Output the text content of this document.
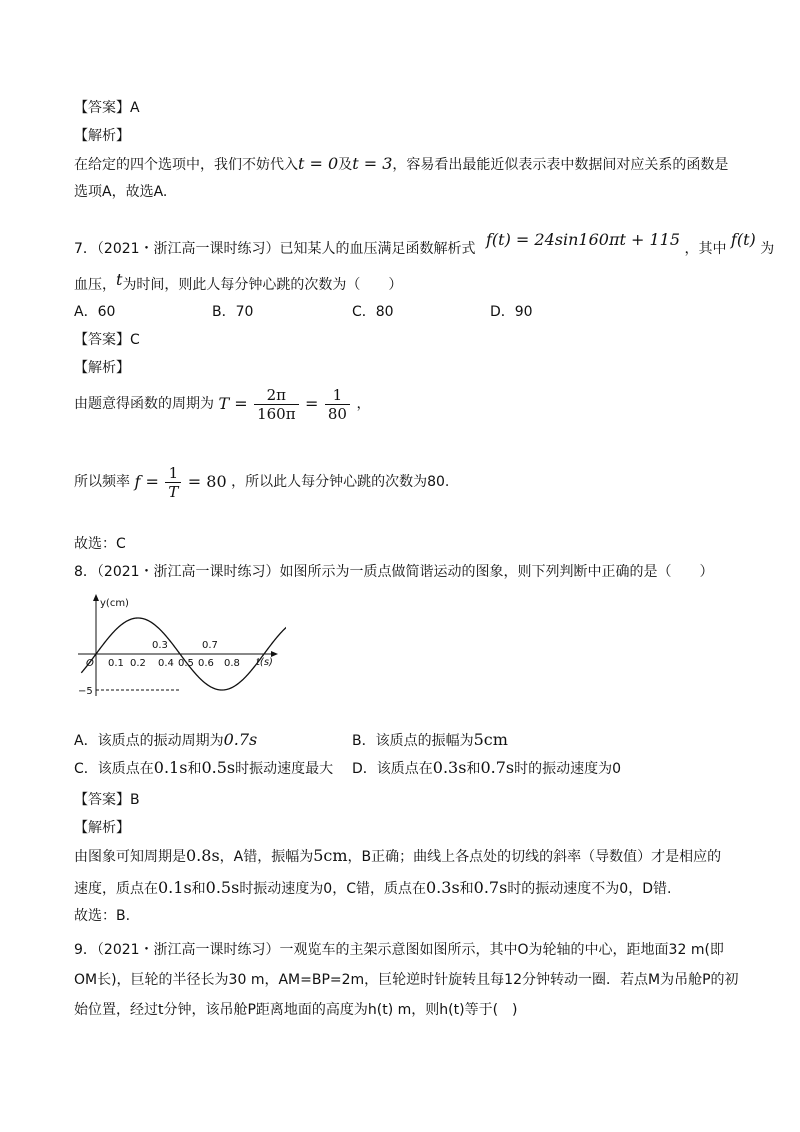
【答案】A
【解析】
在给定的四个选项中，我们不妨代入t = 0及t = 3，容易看出最能近似表示表中数据间对应关系的函数是
选项A，故选A.
7．（2021・浙江高一课时练习）已知某人的血压满足函数解析式 f(t) = 24sin160πt + 115 ，其中 f(t) 为
血压，t为时间，则此人每分钟心跳的次数为（　　）
A．60	B．70	C．80	D．90
【答案】C
【解析】
由题意得函数的周期为 $T = \frac{2\pi}{160\pi} = \frac{1}{80}$ ，
所以频率 $f = \frac{1}{T} = 80$ ，所以此人每分钟心跳的次数为80.
故选：C
8．（2021・浙江高一课时练习）如图所示为一质点做简谐运动的图象，则下列判断中正确的是（　　）
y(cm)
t(s)
O 0.1 0.2 0.4 0.5 0.6 0.8
0.3	0.7
−5
A．该质点的振动周期为0.7s	B．该质点的振幅为5cm
C．该质点在0.1s和0.5s时振动速度最大 D．该质点在0.3s和0.7s时的振动速度为0
【答案】B
【解析】
由图象可知周期是0.8s，A错，振幅为5cm，B正确；曲线上各点处的切线的斜率（导数值）才是相应的
速度，质点在0.1s和0.5s时振动速度为0，C错，质点在0.3s和0.7s时的振动速度不为0，D错.
故选：B.
9．（2021・浙江高一课时练习）一观览车的主架示意图如图所示，其中O为轮轴的中心，距地面32 m(即
OM长)，巨轮的半径长为30 m，AM=BP=2m，巨轮逆时针旋转且每12分钟转动一圈．若点M为吊舱P的初
始位置，经过t分钟，该吊舱P距离地面的高度为h(t) m，则h(t)等于(　)
